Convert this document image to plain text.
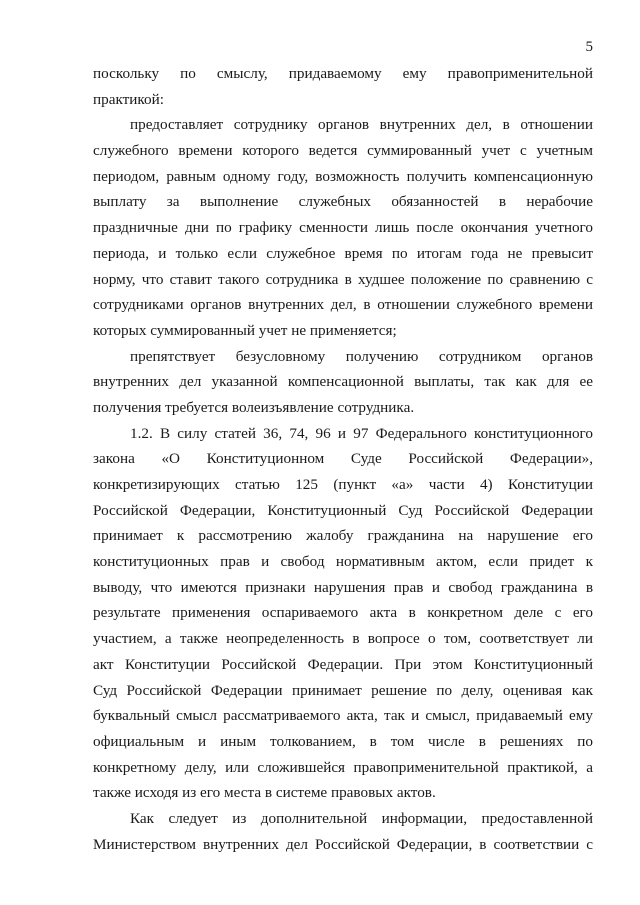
5
поскольку по смыслу, придаваемому ему правоприменительной
практикой:
предоставляет сотруднику органов внутренних дел, в отношении
служебного времени которого ведется суммированный учет с учетным
периодом, равным одному году, возможность получить компенсационную
выплату за выполнение служебных обязанностей в нерабочие
праздничные дни по графику сменности лишь после окончания учетного
периода, и только если служебное время по итогам года не превысит
норму, что ставит такого сотрудника в худшее положение по сравнению с
сотрудниками органов внутренних дел, в отношении служебного времени
которых суммированный учет не применяется;
препятствует безусловному получению сотрудником органов
внутренних дел указанной компенсационной выплаты, так как для ее
получения требуется волеизъявление сотрудника.
1.2. В силу статей 36, 74, 96 и 97 Федерального конституционного
закона «О Конституционном Суде Российской Федерации»,
конкретизирующих статью 125 (пункт «а» части 4) Конституции
Российской Федерации, Конституционный Суд Российской Федерации
принимает к рассмотрению жалобу гражданина на нарушение его
конституционных прав и свобод нормативным актом, если придет к
выводу, что имеются признаки нарушения прав и свобод гражданина в
результате применения оспариваемого акта в конкретном деле с его
участием, а также неопределенность в вопросе о том, соответствует ли
акт Конституции Российской Федерации. При этом Конституционный
Суд Российской Федерации принимает решение по делу, оценивая как
буквальный смысл рассматриваемого акта, так и смысл, придаваемый ему
официальным и иным толкованием, в том числе в решениях по
конкретному делу, или сложившейся правоприменительной практикой, а
также исходя из его места в системе правовых актов.
Как следует из дополнительной информации, предоставленной
Министерством внутренних дел Российской Федерации, в соответствии с
